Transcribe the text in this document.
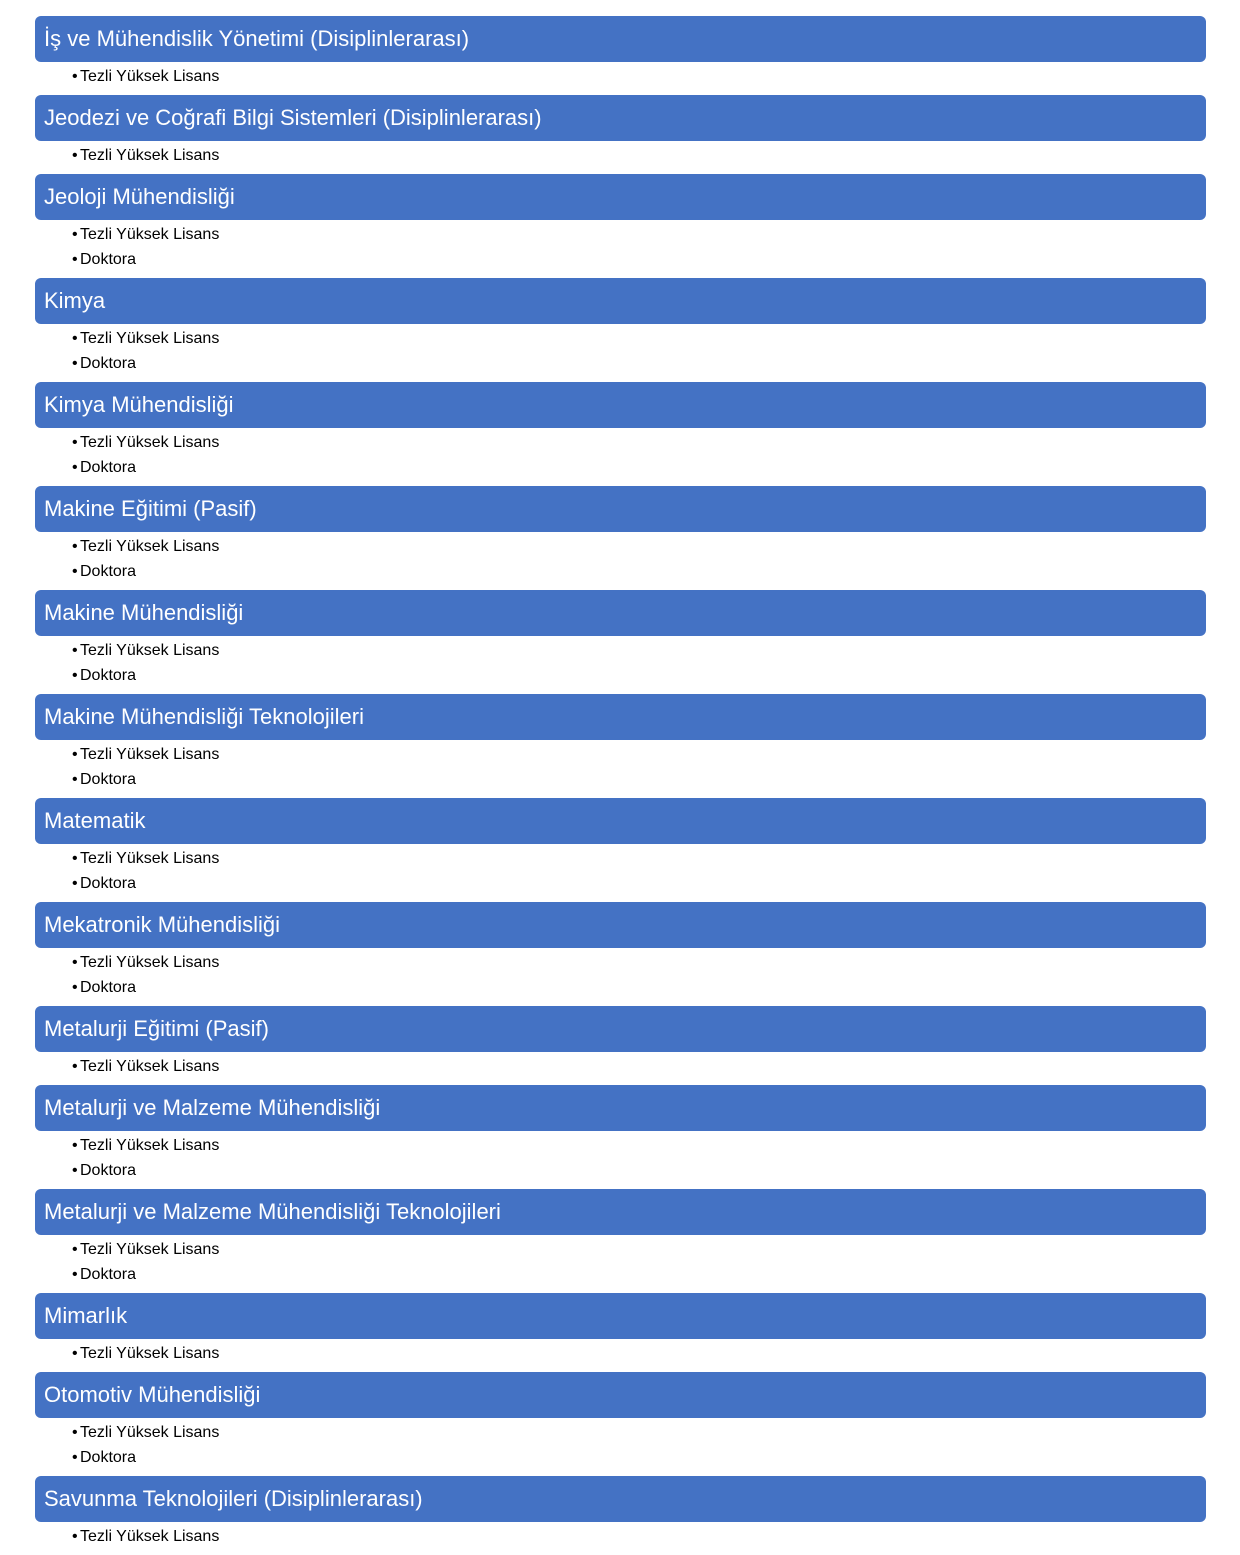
İş ve Mühendislik Yönetimi (Disiplinlerarası)
• Tezli Yüksek Lisans
Jeodezi ve Coğrafi Bilgi Sistemleri (Disiplinlerarası)
• Tezli Yüksek Lisans
Jeoloji Mühendisliği
• Tezli Yüksek Lisans
• Doktora
Kimya
• Tezli Yüksek Lisans
• Doktora
Kimya Mühendisliği
• Tezli Yüksek Lisans
• Doktora
Makine Eğitimi (Pasif)
• Tezli Yüksek Lisans
• Doktora
Makine Mühendisliği
• Tezli Yüksek Lisans
• Doktora
Makine Mühendisliği Teknolojileri
• Tezli Yüksek Lisans
• Doktora
Matematik
• Tezli Yüksek Lisans
• Doktora
Mekatronik Mühendisliği
• Tezli Yüksek Lisans
• Doktora
Metalurji Eğitimi (Pasif)
• Tezli Yüksek Lisans
Metalurji ve Malzeme Mühendisliği
• Tezli Yüksek Lisans
• Doktora
Metalurji ve Malzeme Mühendisliği Teknolojileri
• Tezli Yüksek Lisans
• Doktora
Mimarlık
• Tezli Yüksek Lisans
Otomotiv Mühendisliği
• Tezli Yüksek Lisans
• Doktora
Savunma Teknolojileri (Disiplinlerarası)
• Tezli Yüksek Lisans
